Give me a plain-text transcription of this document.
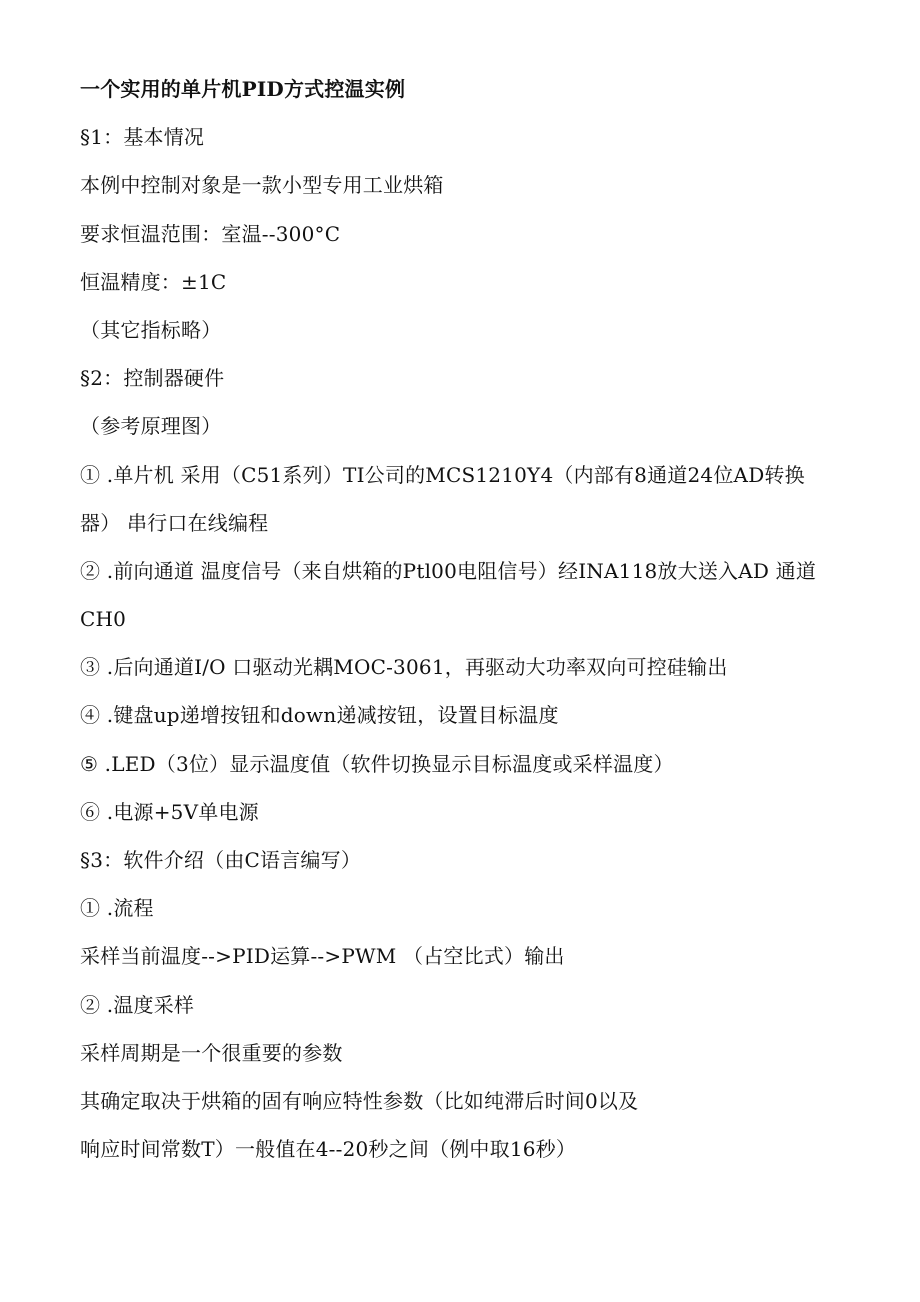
一个实用的单片机PID方式控温实例
§1：基本情况
本例中控制对象是一款小型专用工业烘箱
要求恒温范围：室温--300°C
恒温精度：±1C
（其它指标略）
§2：控制器硬件
（参考原理图）
① .单片机 采用（C51系列）TI公司的MCS1210Y4（内部有8通道24位AD转换
器） 串行口在线编程
② .前向通道 温度信号（来自烘箱的Ptl00电阻信号）经INA118放大送入AD 通道
CH0
③ .后向通道I/O 口驱动光耦MOC-3061，再驱动大功率双向可控硅输出
④ .键盘up递增按钮和down递减按钮，设置目标温度
⑤ .LED（3位）显示温度值（软件切换显示目标温度或采样温度）
⑥ .电源+5V单电源
§3：软件介绍（由C语言编写）
① .流程
采样当前温度-->PID运算-->PWM （占空比式）输出
② .温度采样
采样周期是一个很重要的参数
其确定取决于烘箱的固有响应特性参数（比如纯滞后时间0以及
响应时间常数T）一般值在4--20秒之间（例中取16秒）
